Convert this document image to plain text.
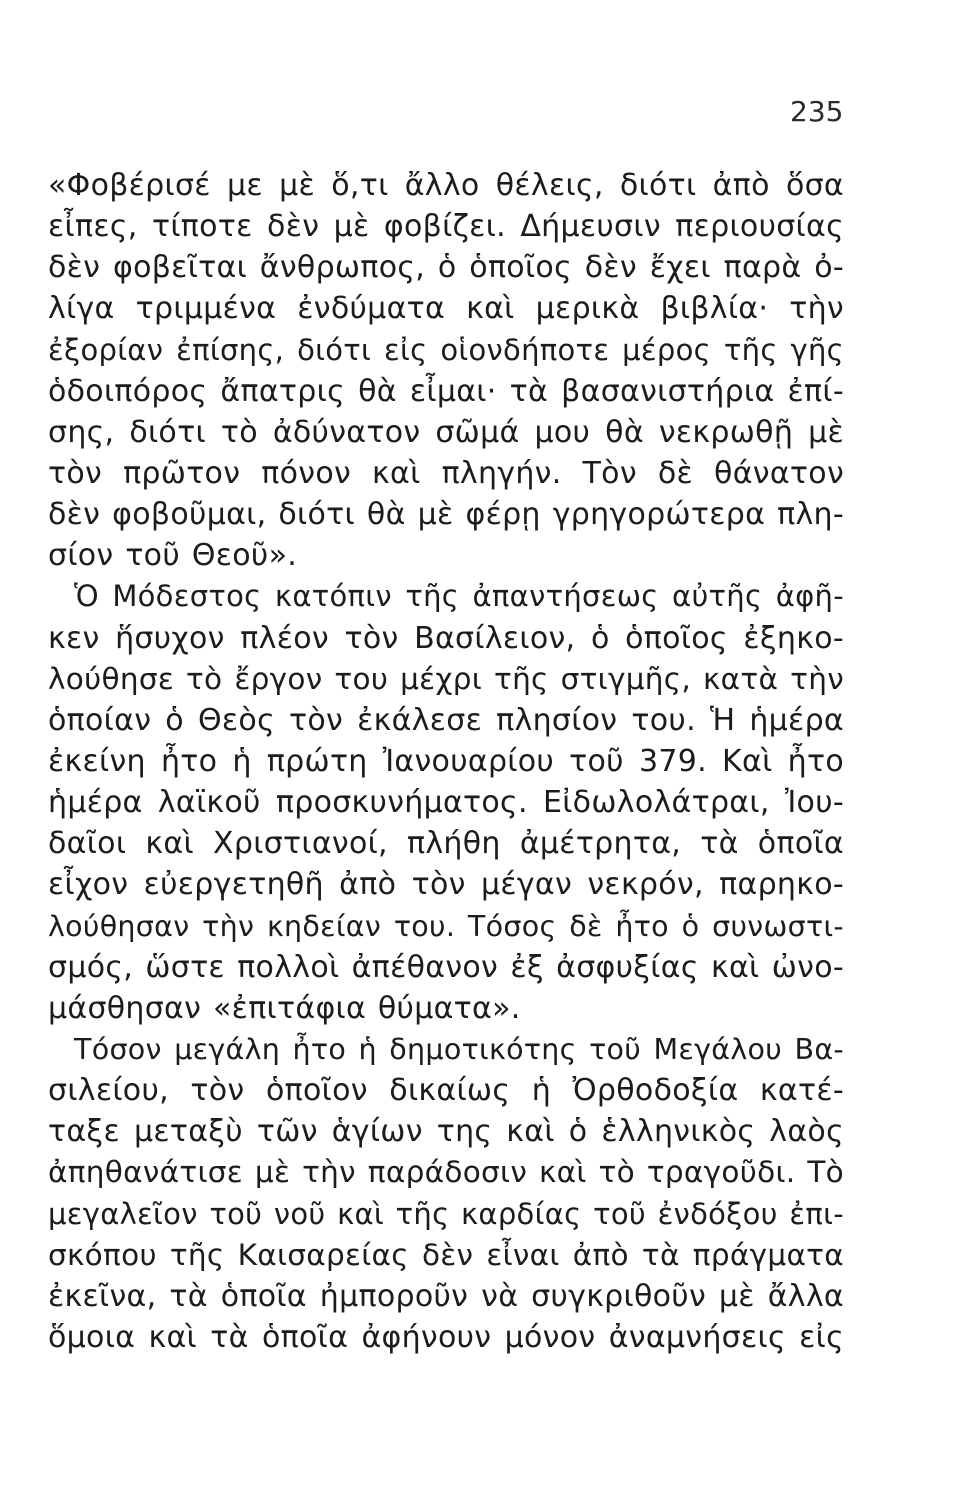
235
«Φοβέρισέ με μὲ ὅ,τι ἄλλο θέλεις, διότι ἀπὸ ὅσα
εἶπες, τίποτε δὲν μὲ φοβίζει. Δήμευσιν περιουσίας
δὲν φοβεῖται ἄνθρωπος, ὁ ὁποῖος δὲν ἔχει παρὰ ὀ-
λίγα τριμμένα ἐνδύματα καὶ μερικὰ βιβλία· τὴν
ἐξορίαν ἐπίσης, διότι εἰς οἱονδήποτε μέρος τῆς γῆς
ὁδοιπόρος ἄπατρις θὰ εἶμαι· τὰ βασανιστήρια ἐπί-
σης, διότι τὸ ἀδύνατον σῶμά μου θὰ νεκρωθῇ μὲ
τὸν πρῶτον πόνον καὶ πληγήν. Τὸν δὲ θάνατον
δὲν φοβοῦμαι, διότι θὰ μὲ φέρῃ γρηγορώτερα πλη-
σίον τοῦ Θεοῦ».
Ὁ Μόδεστος κατόπιν τῆς ἀπαντήσεως αὐτῆς ἀφῆ-
κεν ἥσυχον πλέον τὸν Βασίλειον, ὁ ὁποῖος ἐξηκο-
λούθησε τὸ ἔργον του μέχρι τῆς στιγμῆς, κατὰ τὴν
ὁποίαν ὁ Θεὸς τὸν ἐκάλεσε πλησίον του. Ἡ ἡμέρα
ἐκείνη ἦτο ἡ πρώτη Ἰανουαρίου τοῦ 379. Καὶ ἦτο
ἡμέρα λαϊκοῦ προσκυνήματος. Εἰδωλολάτραι, Ἰου-
δαῖοι καὶ Χριστιανοί, πλήθη ἀμέτρητα, τὰ ὁποῖα
εἶχον εὐεργετηθῆ ἀπὸ τὸν μέγαν νεκρόν, παρηκο-
λούθησαν τὴν κηδείαν του. Τόσος δὲ ἦτο ὁ συνωστι-
σμός, ὥστε πολλοὶ ἀπέθανον ἐξ ἀσφυξίας καὶ ὠνο-
μάσθησαν «ἐπιτάφια θύματα».
Τόσον μεγάλη ἦτο ἡ δημοτικότης τοῦ Μεγάλου Βα-
σιλείου, τὸν ὁποῖον δικαίως ἡ Ὀρθοδοξία κατέ-
ταξε μεταξὺ τῶν ἁγίων της καὶ ὁ ἑλληνικὸς λαὸς
ἀπηθανάτισε μὲ τὴν παράδοσιν καὶ τὸ τραγοῦδι. Τὸ
μεγαλεῖον τοῦ νοῦ καὶ τῆς καρδίας τοῦ ἐνδόξου ἐπι-
σκόπου τῆς Καισαρείας δὲν εἶναι ἀπὸ τὰ πράγματα
ἐκεῖνα, τὰ ὁποῖα ἠμποροῦν νὰ συγκριθοῦν μὲ ἄλλα
ὅμοια καὶ τὰ ὁποῖα ἀφήνουν μόνον ἀναμνήσεις εἰς
